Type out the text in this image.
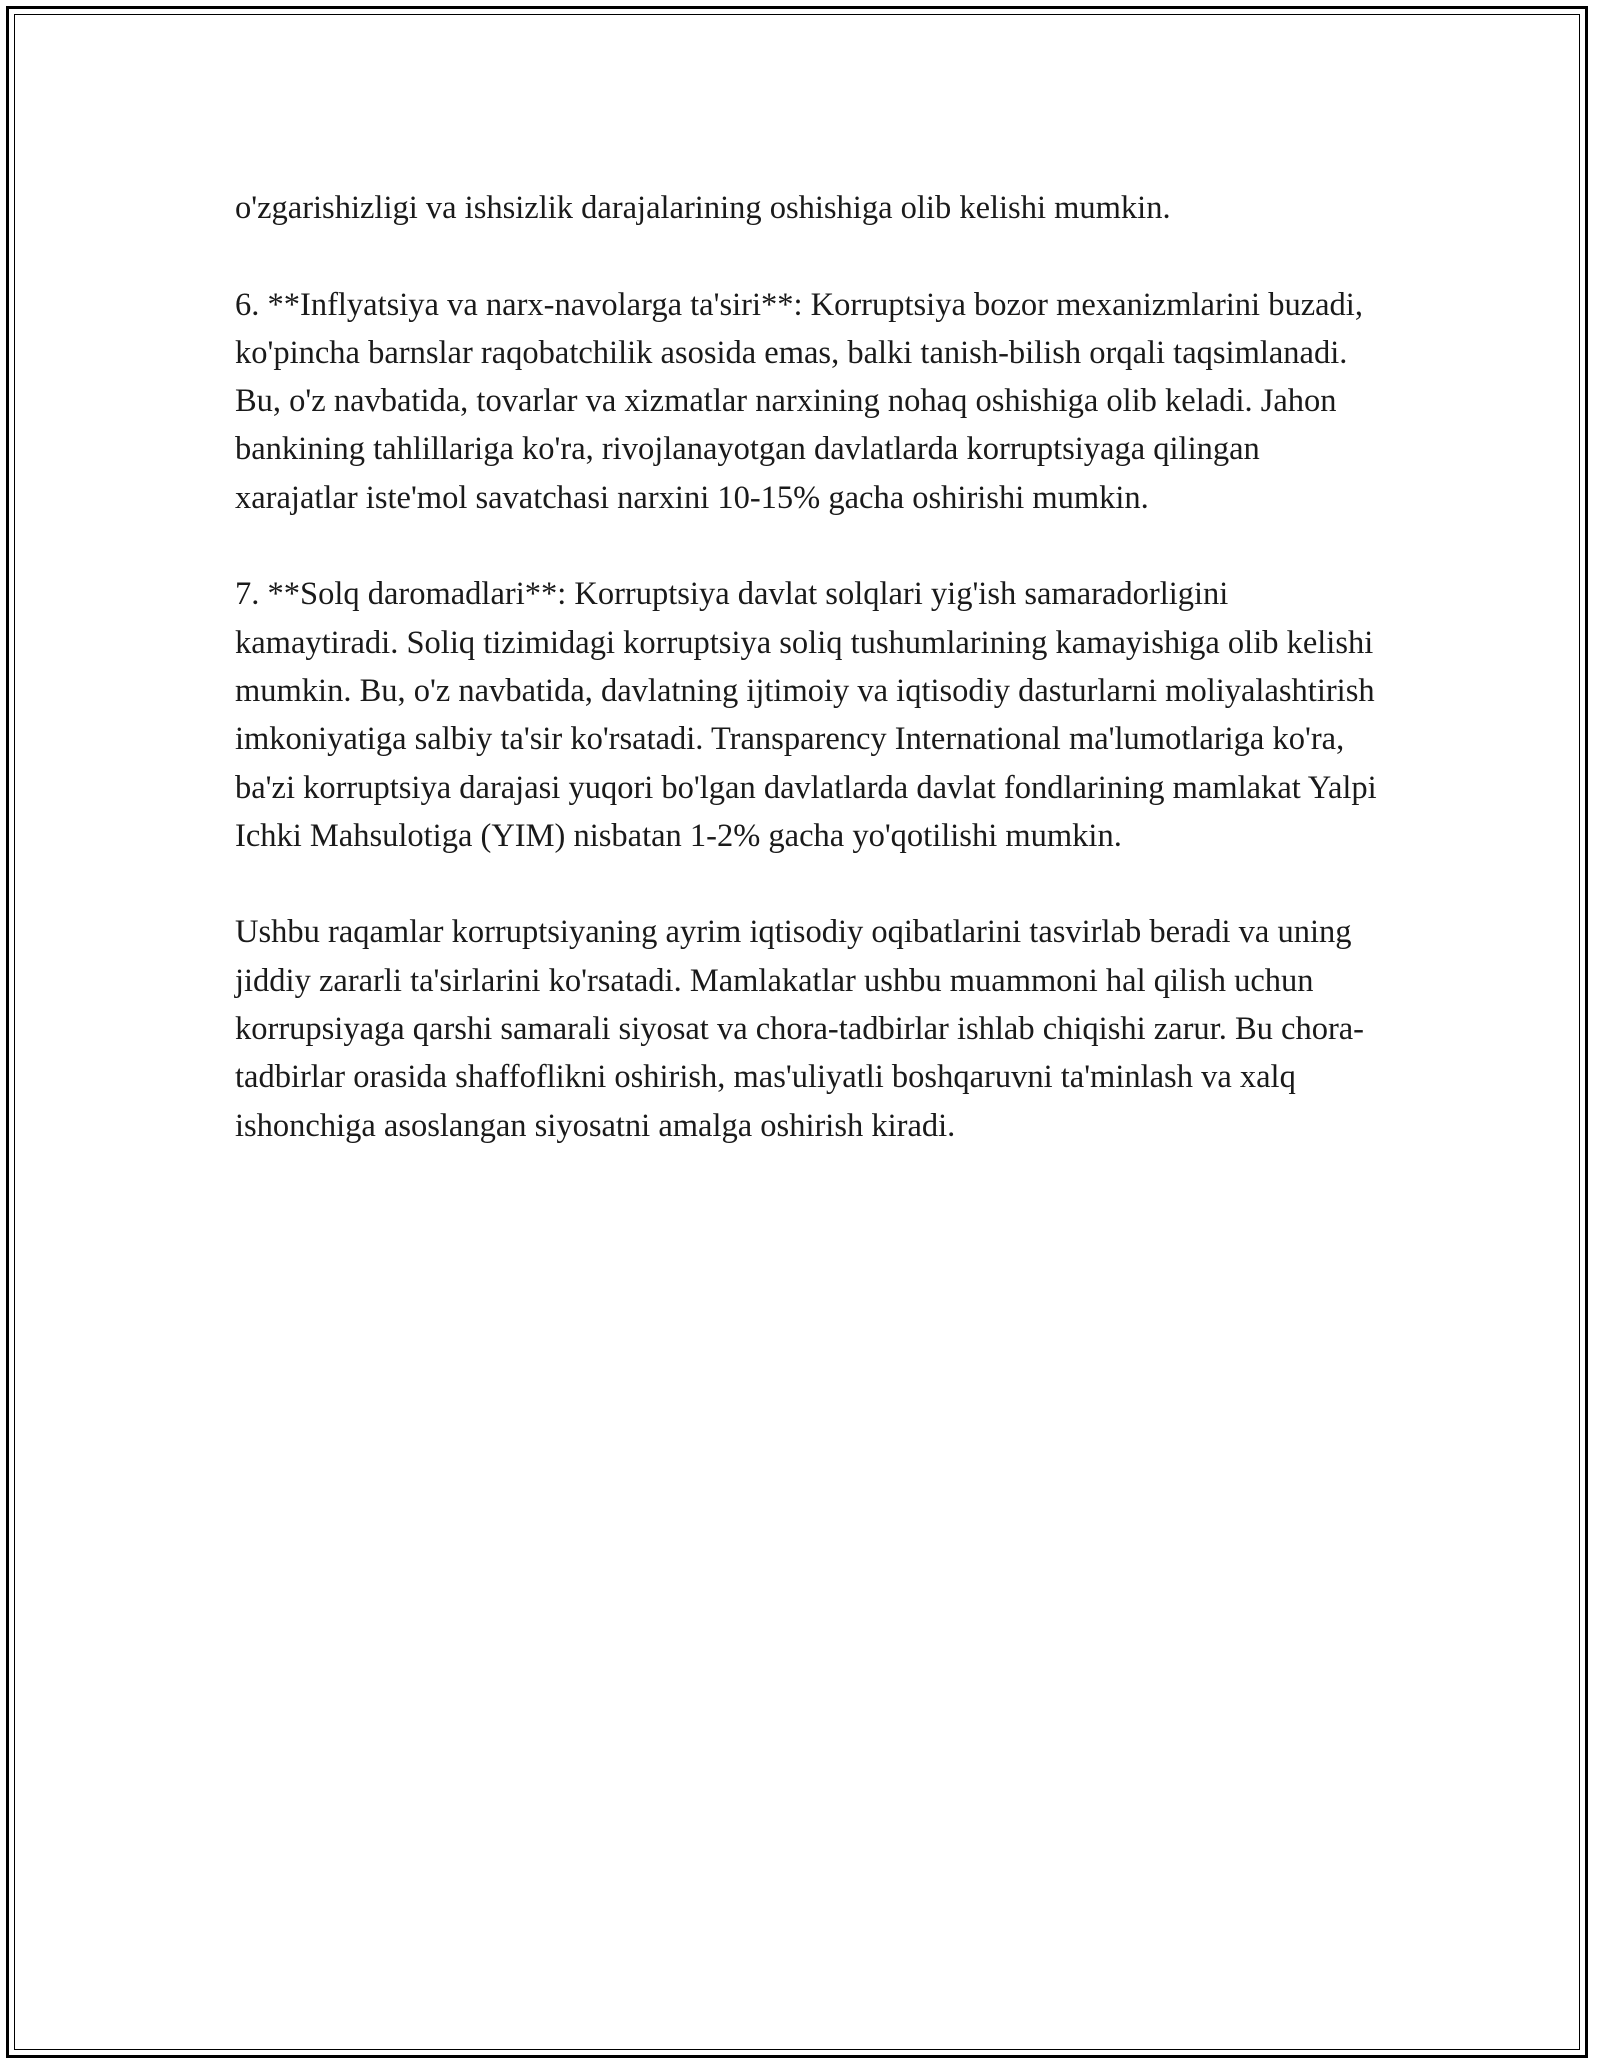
o'zgarishizligi va ishsizlik darajalarining oshishiga olib kelishi mumkin.

6. **Inflyatsiya va narx-navolarga ta'siri**: Korruptsiya bozor mexanizmlarini buzadi, ko'pincha barnslar raqobatchilik asosida emas, balki tanish-bilish orqali taqsimlanadi. Bu, o'z navbatida, tovarlar va xizmatlar narxining nohaq oshishiga olib keladi. Jahon bankining tahlillariga ko'ra, rivojlanayotgan davlatlarda korruptsiyaga qilingan xarajatlar iste'mol savatchasi narxini 10-15% gacha oshirishi mumkin.

7. **Solq daromadlari**: Korruptsiya davlat solqlari yig'ish samaradorligini kamaytiradi. Soliq tizimidagi korruptsiya soliq tushumlarining kamayishiga olib kelishi mumkin. Bu, o'z navbatida, davlatning ijtimoiy va iqtisodiy dasturlarni moliyalashtirish imkoniyatiga salbiy ta'sir ko'rsatadi. Transparency International ma'lumotlariga ko'ra, ba'zi korruptsiya darajasi yuqori bo'lgan davlatlarda davlat fondlarining mamlakat Yalpi Ichki Mahsulotiga (YIM) nisbatan 1-2% gacha yo'qotilishi mumkin.

Ushbu raqamlar korruptsiyaning ayrim iqtisodiy oqibatlarini tasvirlab beradi va uning jiddiy zararli ta'sirlarini ko'rsatadi. Mamlakatlar ushbu muammoni hal qilish uchun korrupsiyaga qarshi samarali siyosat va chora-tadbirlar ishlab chiqishi zarur. Bu chora-tadbirlar orasida shaffoflikni oshirish, mas'uliyatli boshqaruvni ta'minlash va xalq ishonchiga asoslangan siyosatni amalga oshirish kiradi.
